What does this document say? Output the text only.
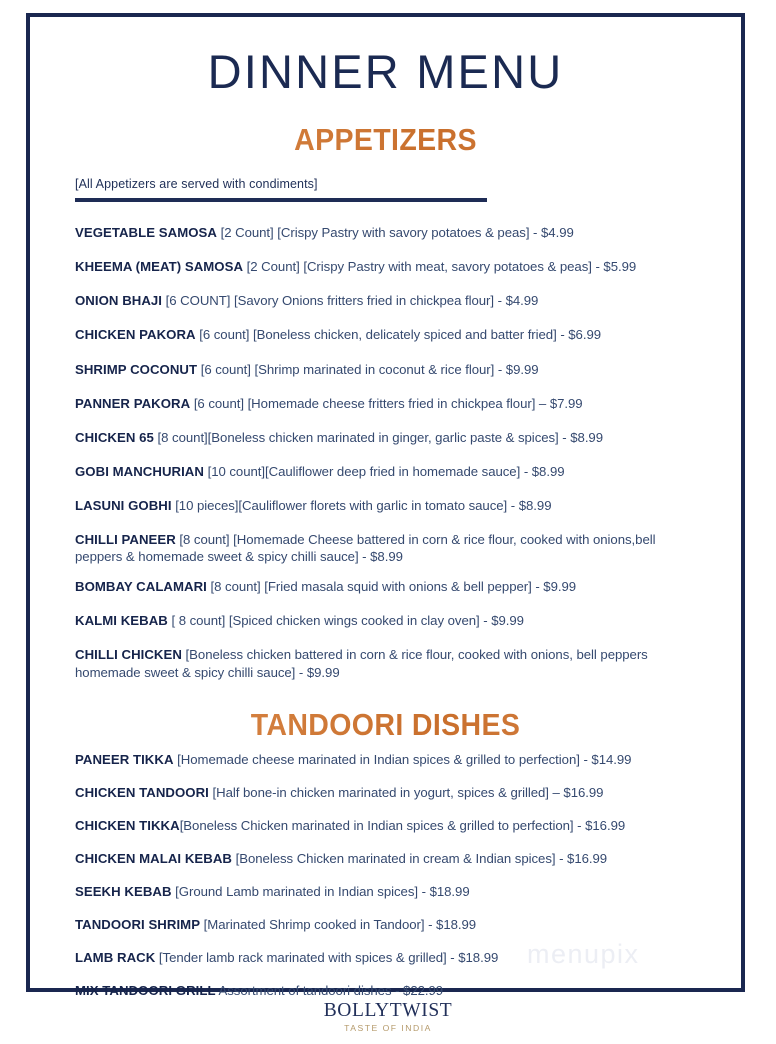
DINNER MENU
APPETIZERS
[All Appetizers are served with condiments]
VEGETABLE SAMOSA [2 Count] [Crispy Pastry with savory potatoes & peas] - $4.99
KHEEMA (MEAT) SAMOSA [2 Count] [Crispy Pastry with meat, savory potatoes & peas] - $5.99
ONION BHAJI [6 COUNT] [Savory Onions fritters fried in chickpea flour] - $4.99
CHICKEN PAKORA [6 count] [Boneless chicken, delicately spiced and batter fried] - $6.99
SHRIMP COCONUT [6 count] [Shrimp marinated in coconut & rice flour] - $9.99
PANNER PAKORA [6 count] [Homemade cheese fritters fried in chickpea flour] – $7.99
CHICKEN 65 [8 count][Boneless chicken marinated in ginger, garlic paste & spices] - $8.99
GOBI MANCHURIAN [10 count][Cauliflower deep fried in homemade sauce] - $8.99
LASUNI GOBHI [10 pieces][Cauliflower florets with garlic in tomato sauce] - $8.99
CHILLI PANEER [8 count] [Homemade Cheese battered in corn & rice flour, cooked with onions,bell peppers & homemade sweet & spicy chilli sauce] - $8.99
BOMBAY CALAMARI [8 count] [Fried masala squid with onions & bell pepper] - $9.99
KALMI KEBAB [ 8 count] [Spiced chicken wings cooked in clay oven] - $9.99
CHILLI CHICKEN [Boneless chicken battered in corn & rice flour, cooked with onions, bell peppers homemade sweet & spicy chilli sauce] - $9.99
TANDOORI DISHES
PANEER TIKKA [Homemade cheese marinated in Indian spices & grilled to perfection] - $14.99
CHICKEN TANDOORI [Half bone-in chicken marinated in yogurt, spices & grilled] – $16.99
CHICKEN TIKKA[Boneless Chicken marinated in Indian spices & grilled to perfection] - $16.99
CHICKEN MALAI KEBAB [Boneless Chicken marinated in cream & Indian spices] - $16.99
SEEKH KEBAB [Ground Lamb marinated in Indian spices] - $18.99
TANDOORI SHRIMP [Marinated Shrimp cooked in Tandoor] - $18.99
LAMB RACK [Tender lamb rack marinated with spices & grilled] - $18.99
MIX TANDOORI GRILL Assortment of tandoori dishes - $22.99
menupix
BOLLYTWIST
TASTE OF INDIA
